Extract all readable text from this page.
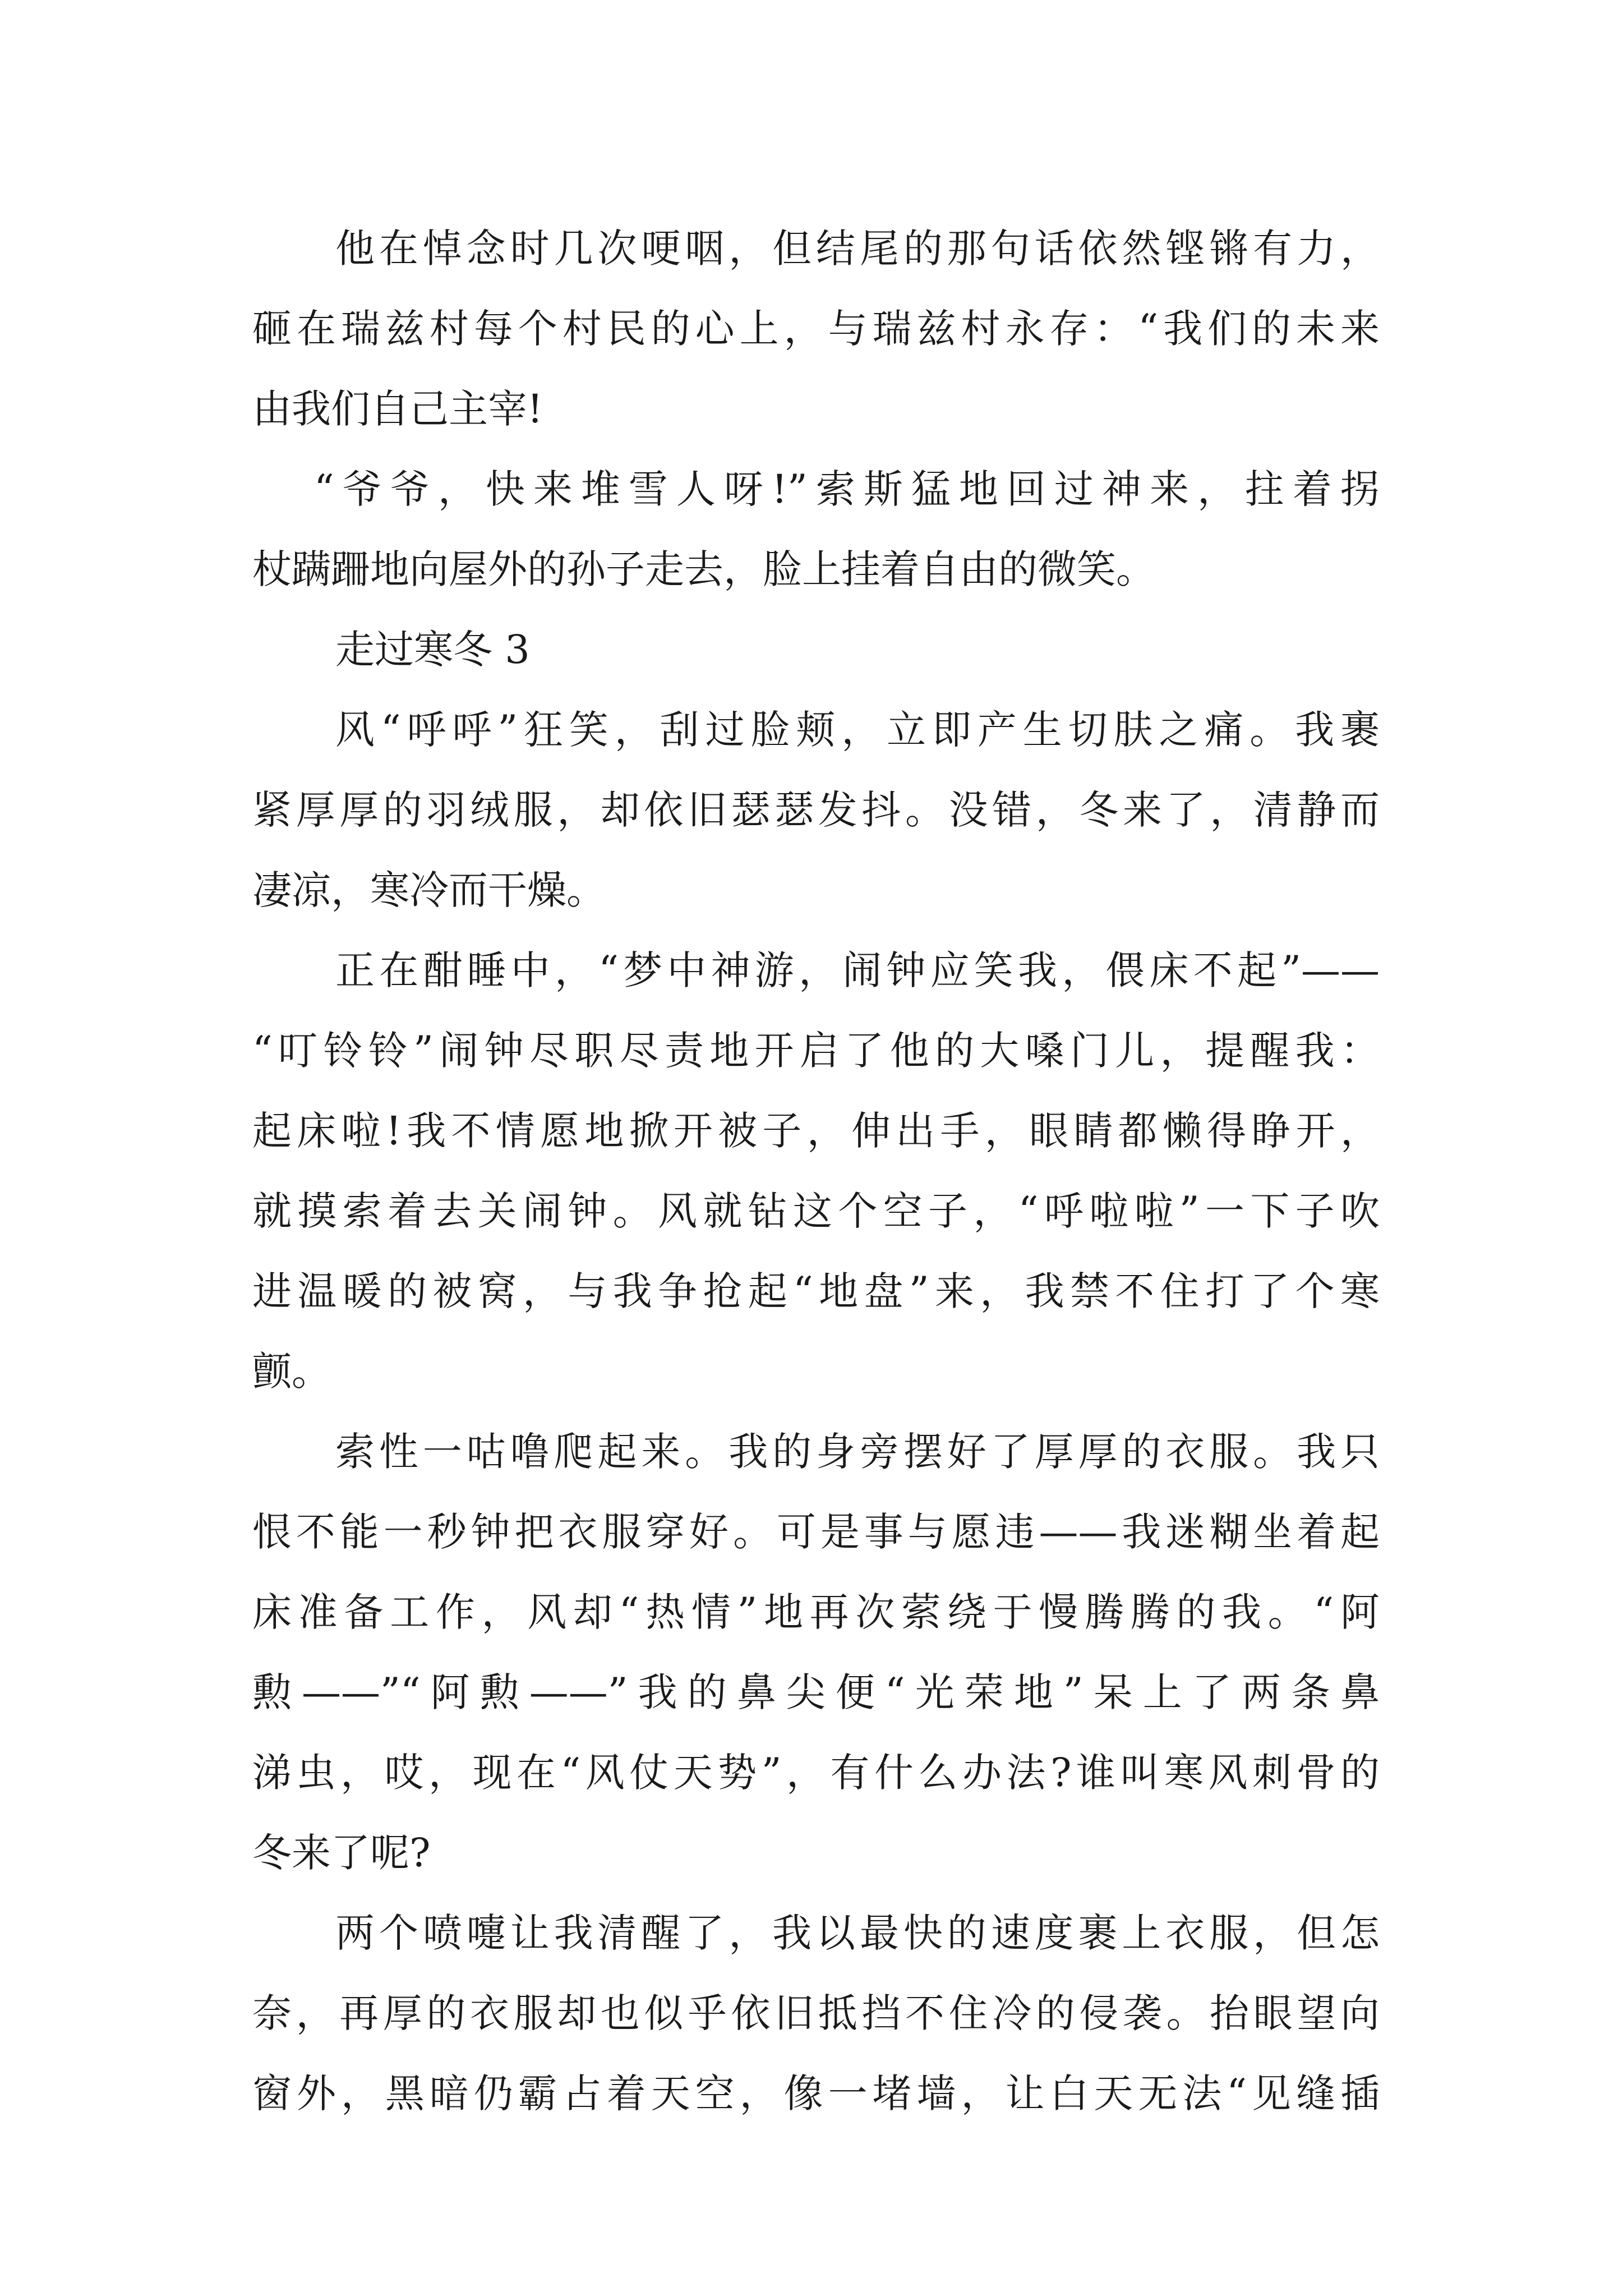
他在悼念时几次哽咽，但结尾的那句话依然铿锵有力，
砸在瑞兹村每个村民的心上，与瑞兹村永存：“我们的未来
由我们自己主宰!
“爷爷，快来堆雪人呀!”索斯猛地回过神来，拄着拐
杖蹒跚地向屋外的孙子走去，脸上挂着自由的微笑。
走过寒冬 3
风“呼呼”狂笑，刮过脸颊，立即产生切肤之痛。我裹
紧厚厚的羽绒服，却依旧瑟瑟发抖。没错，冬来了，清静而
凄凉，寒冷而干燥。
正在酣睡中，“梦中神游，闹钟应笑我，偎床不起”——
“叮铃铃”闹钟尽职尽责地开启了他的大嗓门儿，提醒我：
起床啦!我不情愿地掀开被子，伸出手，眼睛都懒得睁开，
就摸索着去关闹钟。风就钻这个空子，“呼啦啦”一下子吹
进温暖的被窝，与我争抢起“地盘”来，我禁不住打了个寒
颤。
索性一咕噜爬起来。我的身旁摆好了厚厚的衣服。我只
恨不能一秒钟把衣服穿好。可是事与愿违——我迷糊坐着起
床准备工作，风却“热情”地再次萦绕于慢腾腾的我。“阿
勲——”“阿勲——”我的鼻尖便“光荣地”呆上了两条鼻
涕虫，哎，现在“风仗天势”，有什么办法?谁叫寒风刺骨的
冬来了呢?
两个喷嚏让我清醒了，我以最快的速度裹上衣服，但怎
奈，再厚的衣服却也似乎依旧抵挡不住冷的侵袭。抬眼望向
窗外，黑暗仍霸占着天空，像一堵墙，让白天无法“见缝插
